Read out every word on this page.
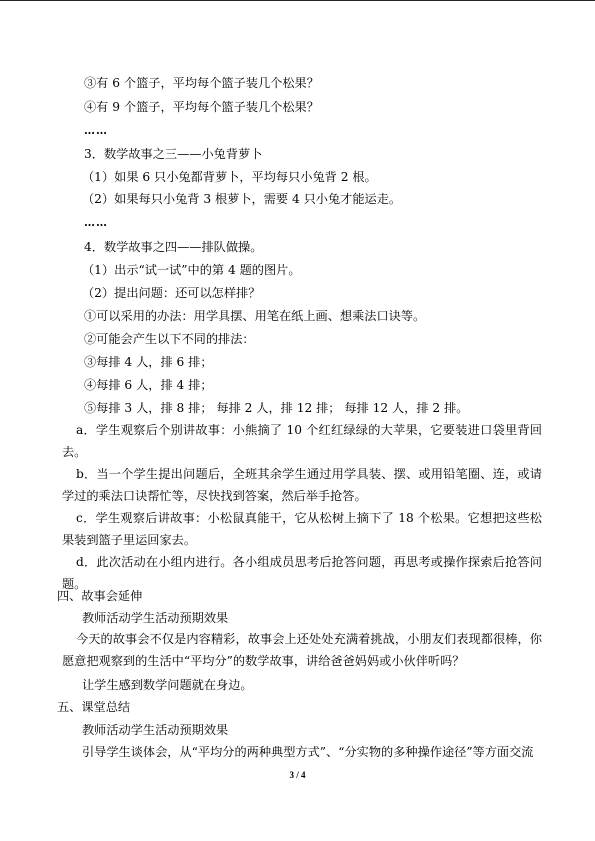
③有 6 个篮子，平均每个篮子装几个松果？
④有 9 个篮子，平均每个篮子装几个松果？
……
3．数学故事之三——小兔背萝卜
（1）如果 6 只小兔都背萝卜，平均每只小兔背 2 根。
（2）如果每只小兔背 3 根萝卜，需要 4 只小兔才能运走。
……
4．数学故事之四——排队做操。
（1）出示“试一试”中的第 4 题的图片。
（2）提出问题：还可以怎样排？
①可以采用的办法：用学具摆、用笔在纸上画、想乘法口诀等。
②可能会产生以下不同的排法：
③每排 4 人，排 6 排；
④每排 6 人，排 4 排；
⑤每排 3 人，排 8 排； 每排 2 人，排 12 排； 每排 12 人，排 2 排。
a．学生观察后个别讲故事：小熊摘了 10 个红红绿绿的大苹果，它要装进口袋里背回去。
b．当一个学生提出问题后，全班其余学生通过用学具装、摆、或用铅笔圈、连，或请学过的乘法口诀帮忙等，尽快找到答案，然后举手抢答。
c．学生观察后讲故事：小松鼠真能干，它从松树上摘下了 18 个松果。它想把这些松果装到篮子里运回家去。
d．此次活动在小组内进行。各小组成员思考后抢答问题，再思考或操作探索后抢答问题。
四、故事会延伸
教师活动学生活动预期效果
今天的故事会不仅是内容精彩，故事会上还处处充满着挑战，小朋友们表现都很棒，你愿意把观察到的生活中“平均分”的数学故事，讲给爸爸妈妈或小伙伴听吗？
让学生感到数学问题就在身边。
五、课堂总结
教师活动学生活动预期效果
引导学生谈体会，从“平均分的两种典型方式”、“分实物的多种操作途径”等方面交流
3 / 4
